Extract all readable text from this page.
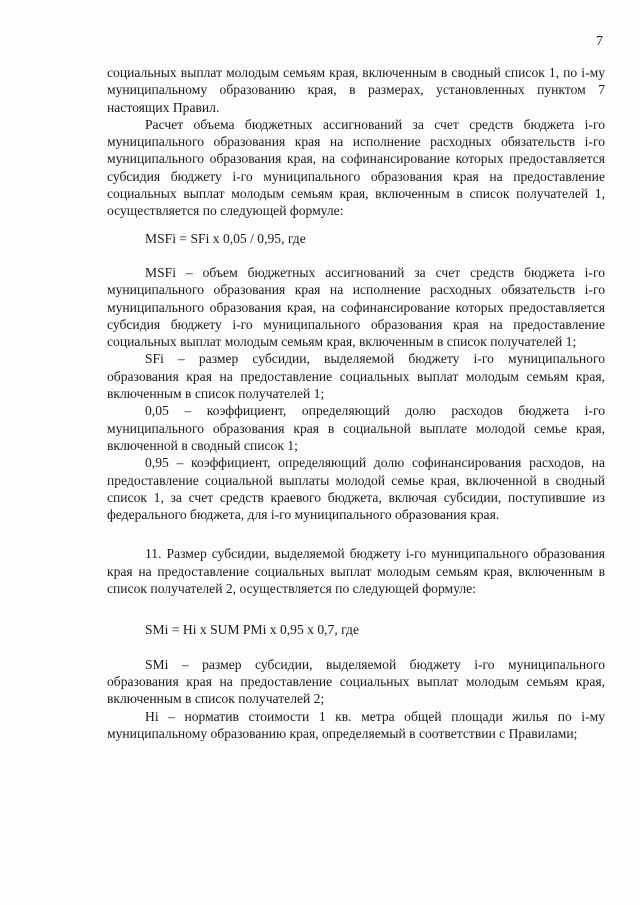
7

социальных выплат молодым семьям края, включенным в сводный список 1, по i-му муниципальному образованию края, в размерах, установленных пунктом 7 настоящих Правил.

Расчет объема бюджетных ассигнований за счет средств бюджета i-го муниципального образования края на исполнение расходных обязательств i-го муниципального образования края, на софинансирование которых предоставляется субсидия бюджету i-го муниципального образования края на предоставление социальных выплат молодым семьям края, включенным в список получателей 1, осуществляется по следующей формуле:

MSFi = SFi x 0,05 / 0,95, где

MSFi – объем бюджетных ассигнований за счет средств бюджета i-го муниципального образования края на исполнение расходных обязательств i-го муниципального образования края, на софинансирование которых предоставляется субсидия бюджету i-го муниципального образования края на предоставление социальных выплат молодым семьям края, включенным в список получателей 1;

SFi – размер субсидии, выделяемой бюджету i-го муниципального образования края на предоставление социальных выплат молодым семьям края, включенным в список получателей 1;

0,05 – коэффициент, определяющий долю расходов бюджета i-го муниципального образования края в социальной выплате молодой семье края, включенной в сводный список 1;

0,95 – коэффициент, определяющий долю софинансирования расходов, на предоставление социальной выплаты молодой семье края, включенной в сводный список 1, за счет средств краевого бюджета, включая субсидии, поступившие из федерального бюджета, для i-го муниципального образования края.

11. Размер субсидии, выделяемой бюджету i-го муниципального образования края на предоставление социальных выплат молодым семьям края, включенным в список получателей 2, осуществляется по следующей формуле:

SMi = Hi x SUM PMi x 0,95 x 0,7, где

SMi – размер субсидии, выделяемой бюджету i-го муниципального образования края на предоставление социальных выплат молодым семьям края, включенным в список получателей 2;

Hi – норматив стоимости 1 кв. метра общей площади жилья по i-му муниципальному образованию края, определяемый в соответствии с Правилами;
